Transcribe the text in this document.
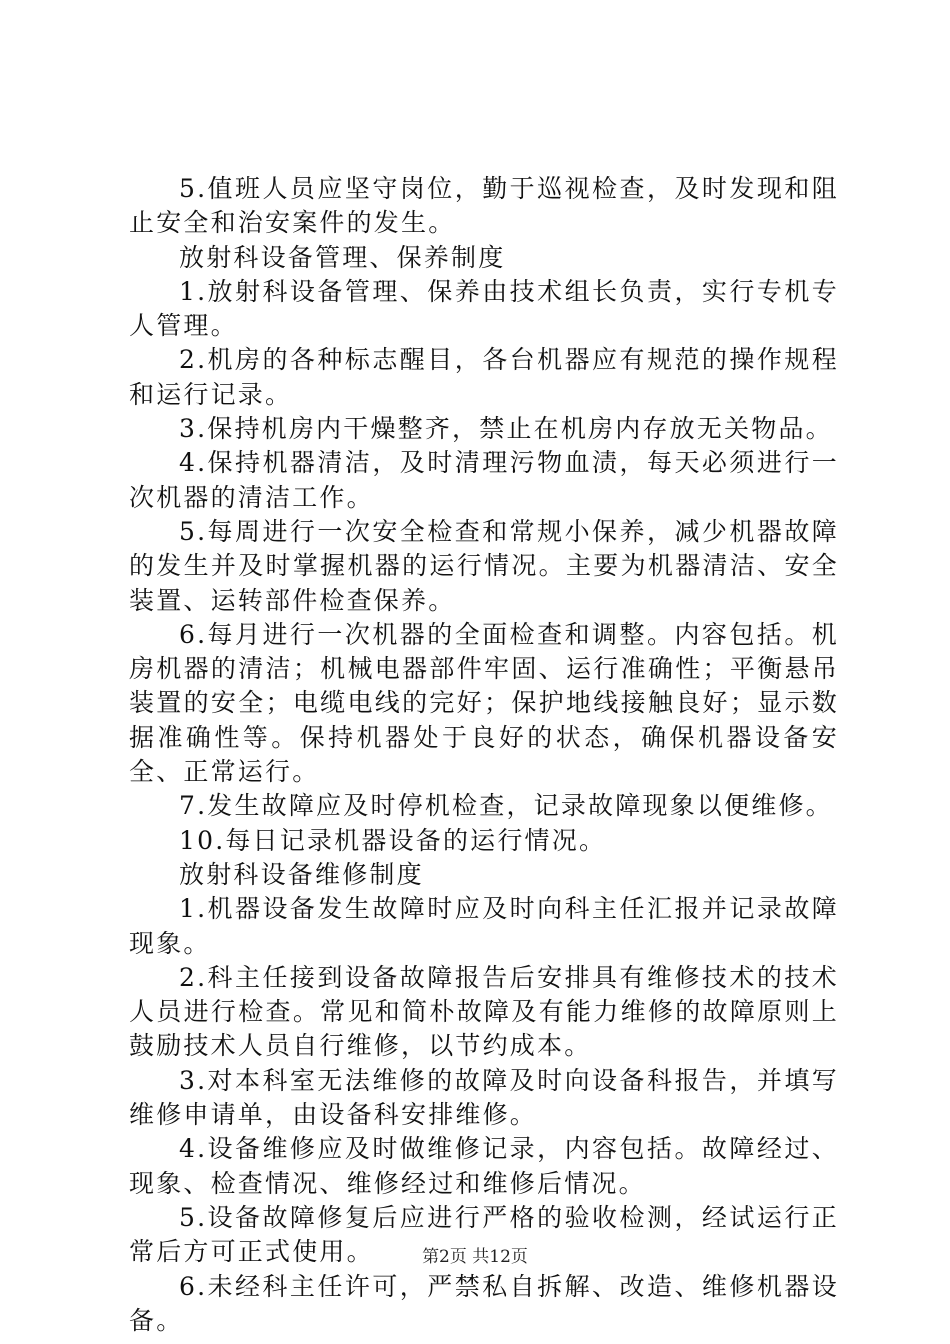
5.值班人员应坚守岗位，勤于巡视检查，及时发现和阻止安全和治安案件的发生。

放射科设备管理、保养制度

1.放射科设备管理、保养由技术组长负责，实行专机专人管理。

2.机房的各种标志醒目，各台机器应有规范的操作规程和运行记录。

3.保持机房内干燥整齐，禁止在机房内存放无关物品。

4.保持机器清洁，及时清理污物血渍，每天必须进行一次机器的清洁工作。

5.每周进行一次安全检查和常规小保养，减少机器故障的发生并及时掌握机器的运行情况。主要为机器清洁、安全装置、运转部件检查保养。

6.每月进行一次机器的全面检查和调整。内容包括。机房机器的清洁；机械电器部件牢固、运行准确性；平衡悬吊装置的安全；电缆电线的完好；保护地线接触良好；显示数据准确性等。保持机器处于良好的状态，确保机器设备安全、正常运行。

7.发生故障应及时停机检查，记录故障现象以便维修。

10.每日记录机器设备的运行情况。

放射科设备维修制度

1.机器设备发生故障时应及时向科主任汇报并记录故障现象。

2.科主任接到设备故障报告后安排具有维修技术的技术人员进行检查。常见和简朴故障及有能力维修的故障原则上鼓励技术人员自行维修，以节约成本。

3.对本科室无法维修的故障及时向设备科报告，并填写维修申请单，由设备科安排维修。

4.设备维修应及时做维修记录，内容包括。故障经过、现象、检查情况、维修经过和维修后情况。

5.设备故障修复后应进行严格的验收检测，经试运行正常后方可正式使用。

6.未经科主任许可，严禁私自拆解、改造、维修机器设备。

第2页 共12页
